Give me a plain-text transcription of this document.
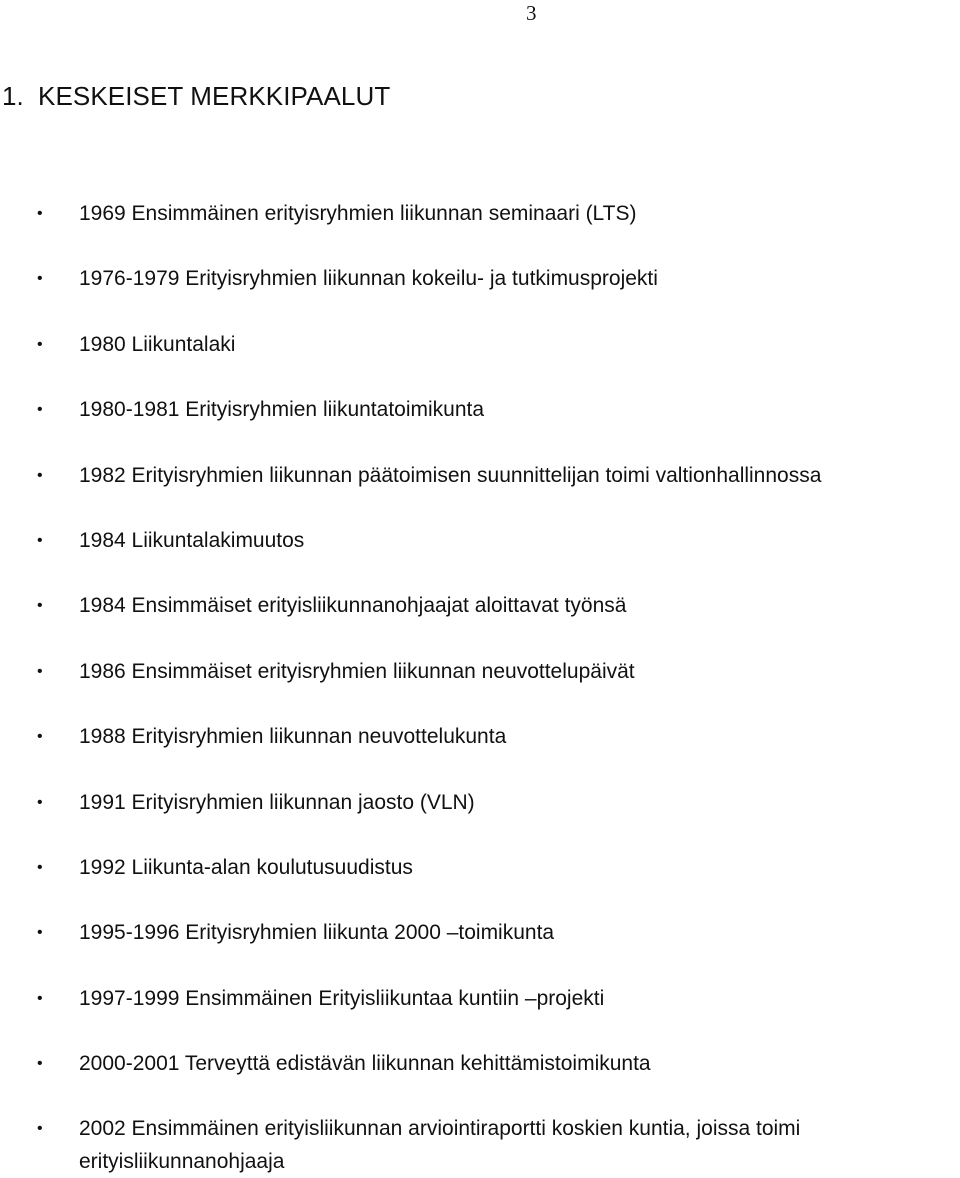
3
1. KESKEISET MERKKIPAALUT
• 1969 Ensimmäinen erityisryhmien liikunnan seminaari (LTS)
• 1976-1979 Erityisryhmien liikunnan kokeilu- ja tutkimusprojekti
• 1980 Liikuntalaki
• 1980-1981 Erityisryhmien liikuntatoimikunta
• 1982 Erityisryhmien liikunnan päätoimisen suunnittelijan toimi valtionhallinnossa
• 1984 Liikuntalakimuutos
• 1984 Ensimmäiset erityisliikunnanohjaajat aloittavat työnsä
• 1986 Ensimmäiset erityisryhmien liikunnan neuvottelupäivät
• 1988 Erityisryhmien liikunnan neuvottelukunta
• 1991 Erityisryhmien liikunnan jaosto (VLN)
• 1992 Liikunta-alan koulutusuudistus
• 1995-1996 Erityisryhmien liikunta 2000 –toimikunta
• 1997-1999 Ensimmäinen Erityisliikuntaa kuntiin –projekti
• 2000-2001 Terveyttä edistävän liikunnan kehittämistoimikunta
• 2002 Ensimmäinen erityisliikunnan arviointiraportti koskien kuntia, joissa toimi erityisliikunnanohjaaja
